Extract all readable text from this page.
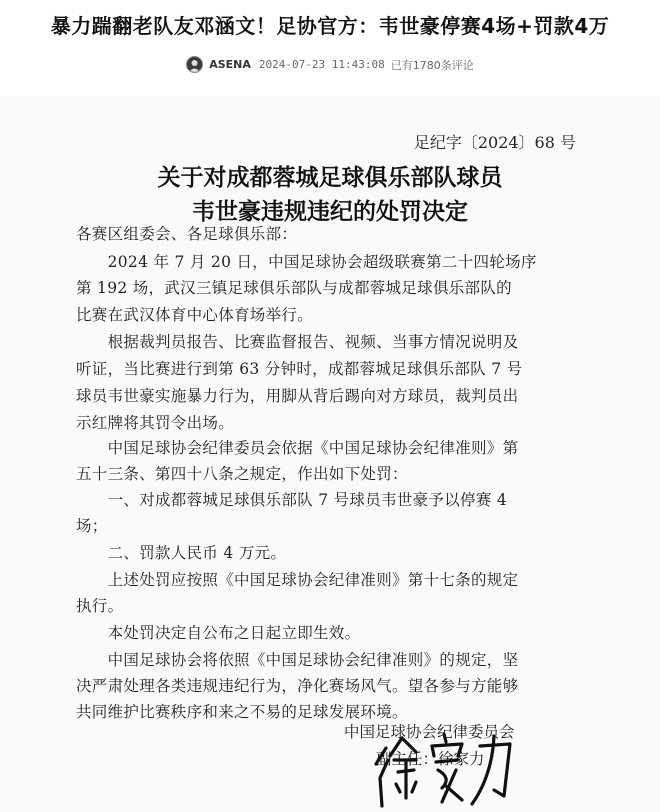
暴力踹翻老队友邓涵文！足协官方：韦世豪停赛4场+罚款4万
ASENA 2024-07-23 11:43:08 已有1780条评论
足纪字〔2024〕68 号
关于对成都蓉城足球俱乐部队球员
韦世豪违规违纪的处罚决定
各赛区组委会、各足球俱乐部：
　　2024 年 7 月 20 日，中国足球协会超级联赛第二十四轮场序
第 192 场，武汉三镇足球俱乐部队与成都蓉城足球俱乐部队的
比赛在武汉体育中心体育场举行。
　　根据裁判员报告、比赛监督报告、视频、当事方情况说明及
听证，当比赛进行到第 63 分钟时，成都蓉城足球俱乐部队 7 号
球员韦世豪实施暴力行为，用脚从背后踢向对方球员，裁判员出
示红牌将其罚令出场。
　　中国足球协会纪律委员会依据《中国足球协会纪律准则》第
五十三条、第四十八条之规定，作出如下处罚：
　　一、对成都蓉城足球俱乐部队 7 号球员韦世豪予以停赛 4
场；
　　二、罚款人民币 4 万元。
　　上述处罚应按照《中国足球协会纪律准则》第十七条的规定
执行。
　　本处罚决定自公布之日起立即生效。
　　中国足球协会将依照《中国足球协会纪律准则》的规定，坚
决严肃处理各类违规违纪行为，净化赛场风气。望各参与方能够
共同维护比赛秩序和来之不易的足球发展环境。
中国足球协会纪律委员会
副主任：徐家力
